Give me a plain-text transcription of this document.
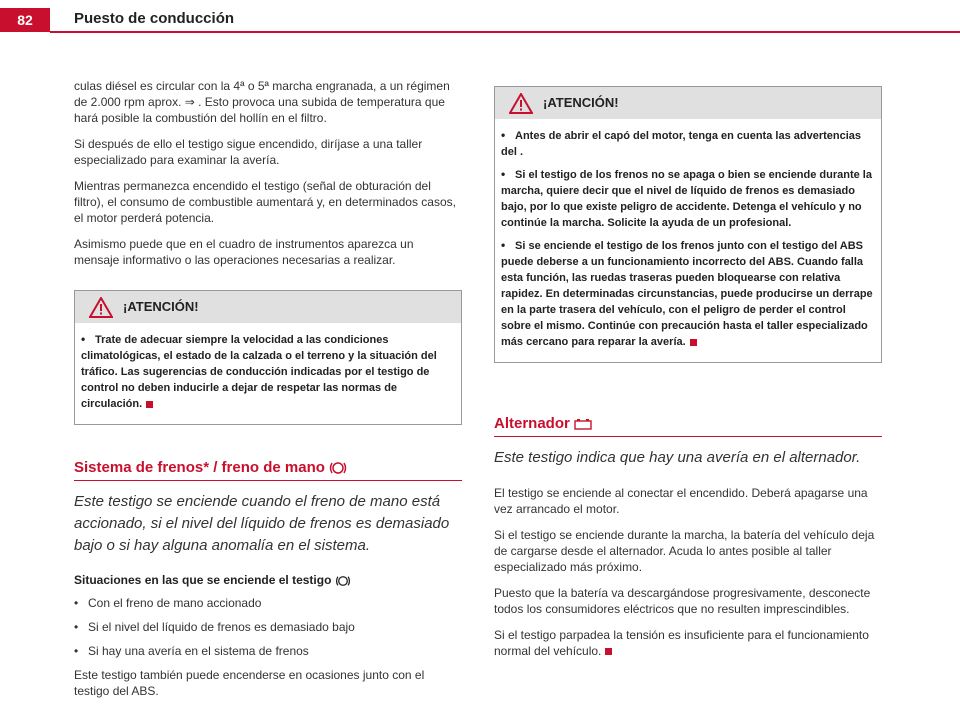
82	Puesto de conducción

culas diésel es circular con la 4ª o 5ª marcha engranada, a un régimen de 2.000 rpm aprox. ⇒ . Esto provoca una subida de temperatura que hará posible la combustión del hollín en el filtro.

Si después de ello el testigo sigue encendido, diríjase a una taller especializado para examinar la avería.

Mientras permanezca encendido el testigo (señal de obturación del filtro), el consumo de combustible aumentará y, en determinados casos, el motor perderá potencia.

Asimismo puede que en el cuadro de instrumentos aparezca un mensaje informativo o las operaciones necesarias a realizar.

¡ATENCIÓN!
• Trate de adecuar siempre la velocidad a las condiciones climatológicas, el estado de la calzada o el terreno y la situación del tráfico. Las sugerencias de conducción indicadas por el testigo de control no deben inducirle a dejar de respetar las normas de circulación.
Sistema de frenos* / freno de mano
Este testigo se enciende cuando el freno de mano está accionado, si el nivel del líquido de frenos es demasiado bajo o si hay alguna anomalía en el sistema.
Situaciones en las que se enciende el testigo
• Con el freno de mano accionado
• Si el nivel del líquido de frenos es demasiado bajo
• Si hay una avería en el sistema de frenos

Este testigo también puede encenderse en ocasiones junto con el testigo del ABS.

¡ATENCIÓN!
• Antes de abrir el capó del motor, tenga en cuenta las advertencias del .
• Si el testigo de los frenos no se apaga o bien se enciende durante la marcha, quiere decir que el nivel de líquido de frenos es demasiado bajo, por lo que existe peligro de accidente. Detenga el vehículo y no continúe la marcha. Solicite la ayuda de un profesional.
• Si se enciende el testigo de los frenos junto con el testigo del ABS puede deberse a un funcionamiento incorrecto del ABS. Cuando falla esta función, las ruedas traseras pueden bloquearse con relativa rapidez. En determinadas circunstancias, puede producirse un derrape en la parte trasera del vehículo, con el peligro de perder el control sobre el mismo. Continúe con precaución hasta el taller especializado más cercano para reparar la avería.
Alternador
Este testigo indica que hay una avería en el alternador.

El testigo se enciende al conectar el encendido. Deberá apagarse una vez arrancado el motor.

Si el testigo se enciende durante la marcha, la batería del vehículo deja de cargarse desde el alternador. Acuda lo antes posible al taller especializado más próximo.

Puesto que la batería va descargándose progresivamente, desconecte todos los consumidores eléctricos que no resulten imprescindibles.

Si el testigo parpadea la tensión es insuficiente para el funcionamiento normal del vehículo.
